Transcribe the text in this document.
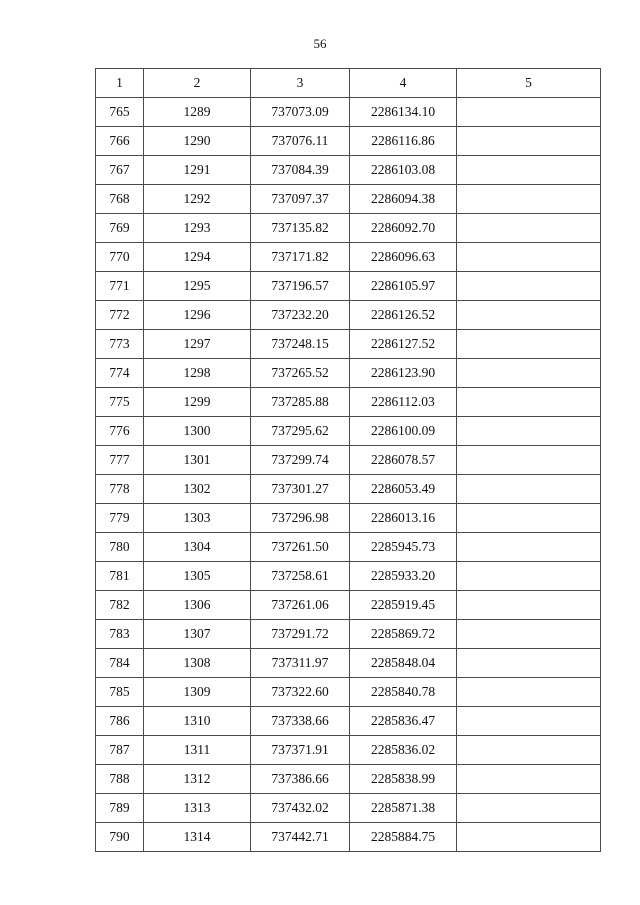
56
1	2	3	4	5
765	1289	737073.09	2286134.10	
766	1290	737076.11	2286116.86	
767	1291	737084.39	2286103.08	
768	1292	737097.37	2286094.38	
769	1293	737135.82	2286092.70	
770	1294	737171.82	2286096.63	
771	1295	737196.57	2286105.97	
772	1296	737232.20	2286126.52	
773	1297	737248.15	2286127.52	
774	1298	737265.52	2286123.90	
775	1299	737285.88	2286112.03	
776	1300	737295.62	2286100.09	
777	1301	737299.74	2286078.57	
778	1302	737301.27	2286053.49	
779	1303	737296.98	2286013.16	
780	1304	737261.50	2285945.73	
781	1305	737258.61	2285933.20	
782	1306	737261.06	2285919.45	
783	1307	737291.72	2285869.72	
784	1308	737311.97	2285848.04	
785	1309	737322.60	2285840.78	
786	1310	737338.66	2285836.47	
787	1311	737371.91	2285836.02	
788	1312	737386.66	2285838.99	
789	1313	737432.02	2285871.38	
790	1314	737442.71	2285884.75	
